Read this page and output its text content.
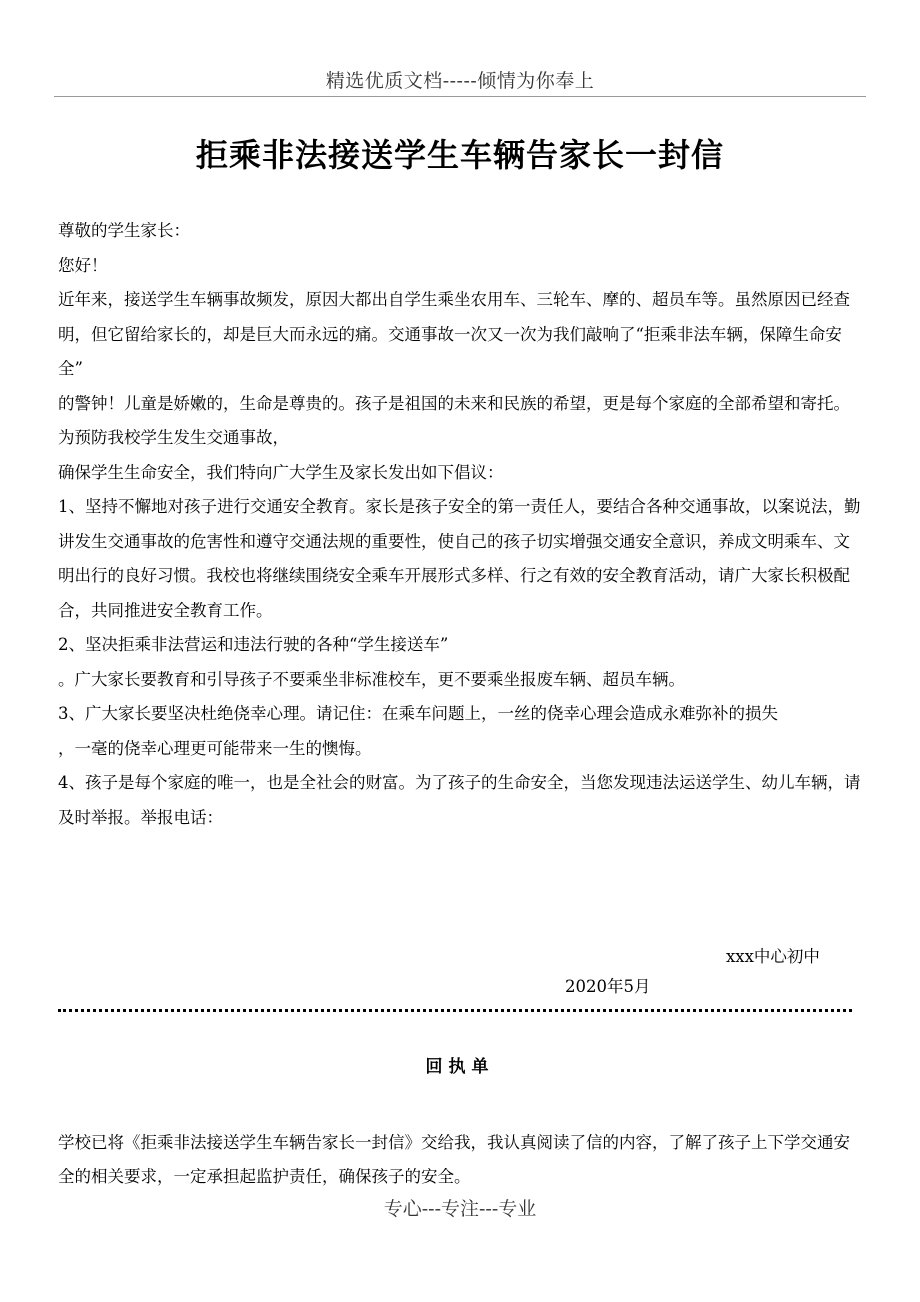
精选优质文档-----倾情为你奉上
拒乘非法接送学生车辆告家长一封信

尊敬的学生家长：

您好！

近年来，接送学生车辆事故频发，原因大都出自学生乘坐农用车、三轮车、摩的、超员车等。虽然原因已经查明，但它留给家长的，却是巨大而永远的痛。交通事故一次又一次为我们敲响了“拒乘非法车辆，保障生命安全”

的警钟！儿童是娇嫩的，生命是尊贵的。孩子是祖国的未来和民族的希望，更是每个家庭的全部希望和寄托。为预防我校学生发生交通事故，

确保学生生命安全，我们特向广大学生及家长发出如下倡议：

1、坚持不懈地对孩子进行交通安全教育。家长是孩子安全的第一责任人，要结合各种交通事故，以案说法，勤讲发生交通事故的危害性和遵守交通法规的重要性，使自己的孩子切实增强交通安全意识，养成文明乘车、文明出行的良好习惯。我校也将继续围绕安全乘车开展形式多样、行之有效的安全教育活动，请广大家长积极配合，共同推进安全教育工作。

2、坚决拒乘非法营运和违法行驶的各种“学生接送车”

。广大家长要教育和引导孩子不要乘坐非标准校车，更不要乘坐报废车辆、超员车辆。

3、广大家长要坚决杜绝侥幸心理。请记住：在乘车问题上，一丝的侥幸心理会造成永难弥补的损失

，一毫的侥幸心理更可能带来一生的懊悔。

4、孩子是每个家庭的唯一，也是全社会的财富。为了孩子的生命安全，当您发现违法运送学生、幼儿车辆，请及时举报。举报电话：

xxx中心初中
2020年5月
回执单

学校已将《拒乘非法接送学生车辆告家长一封信》交给我，我认真阅读了信的内容，了解了孩子上下学交通安全的相关要求，一定承担起监护责任，确保孩子的安全。

专心---专注---专业
